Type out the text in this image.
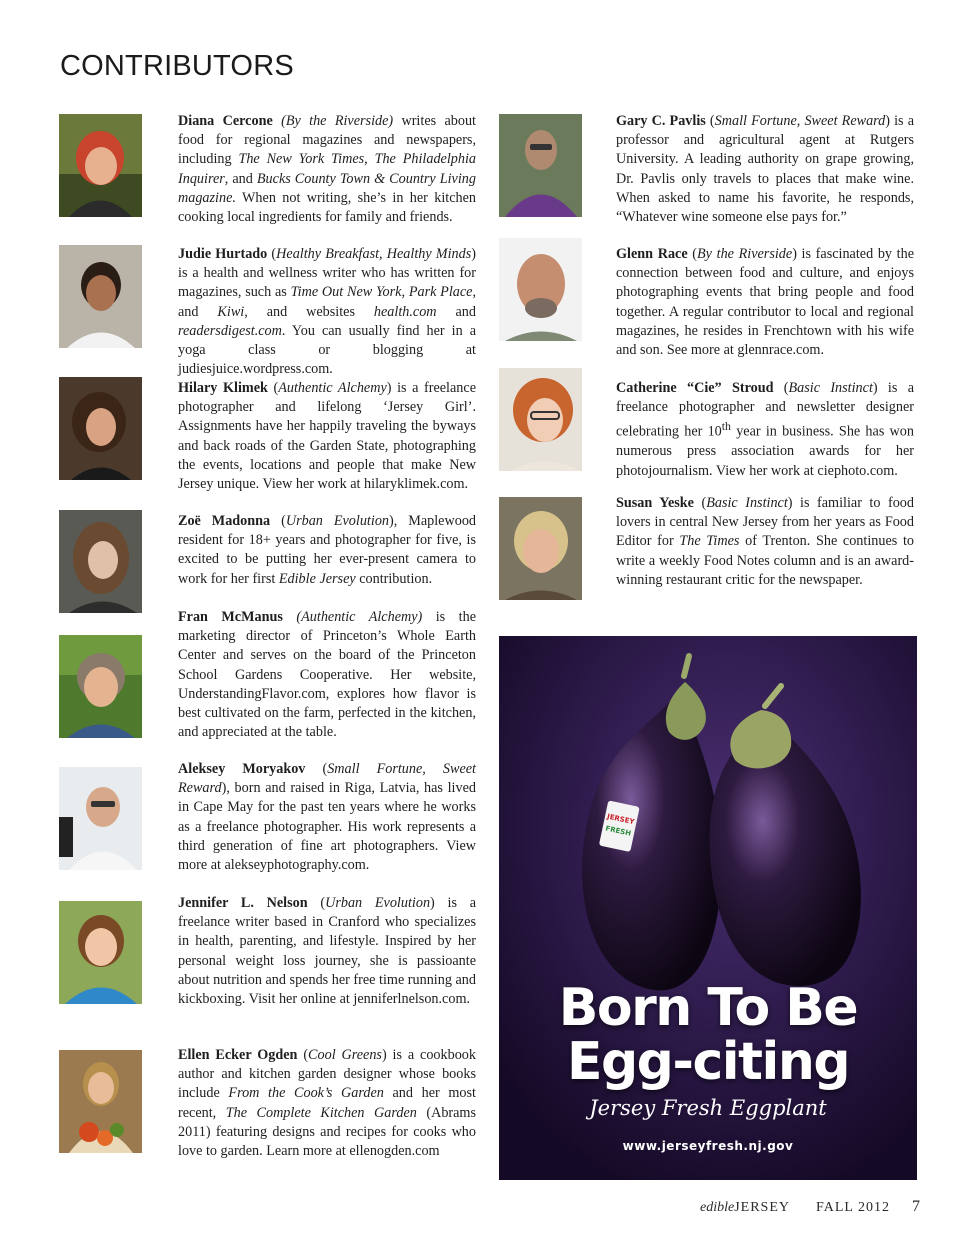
CONTRIBUTORS

Diana Cercone (By the Riverside) writes about food for regional magazines and newspapers, including The New York Times, The Philadelphia Inquirer, and Bucks County Town & Country Living magazine. When not writing, she’s in her kitchen cooking local ingredients for family and friends.

Judie Hurtado (Healthy Breakfast, Healthy Minds) is a health and wellness writer who has written for magazines, such as Time Out New York, Park Place, and Kiwi, and websites health.com and readersdigest.com. You can usually find her in a yoga class or blogging at judiesjuice.wordpress.com.

Hilary Klimek (Authentic Alchemy) is a freelance photographer and lifelong ‘Jersey Girl’. Assignments have her happily traveling the byways and back roads of the Garden State, photographing the events, locations and people that make New Jersey unique. View her work at hilaryklimek.com.

Zoë Madonna (Urban Evolution), Maplewood resident for 18+ years and photographer for five, is excited to be putting her ever-present camera to work for her first Edible Jersey contribution.

Fran McManus (Authentic Alchemy) is the marketing director of Princeton’s Whole Earth Center and serves on the board of the Princeton School Gardens Cooperative. Her website, UnderstandingFlavor.com, explores how flavor is best cultivated on the farm, perfected in the kitchen, and appreciated at the table.

Aleksey Moryakov (Small Fortune, Sweet Reward), born and raised in Riga, Latvia, has lived in Cape May for the past ten years where he works as a freelance photographer. His work represents a third generation of fine art photographers. View more at alekseyphotography.com.

Jennifer L. Nelson (Urban Evolution) is a freelance writer based in Cranford who specializes in health, parenting, and lifestyle. Inspired by her personal weight loss journey, she is passioante about nutrition and spends her free time running and kickboxing. Visit her online at jenniferlnelson.com.

Ellen Ecker Ogden (Cool Greens) is a cookbook author and kitchen garden designer whose books include From the Cook’s Garden and her most recent, The Complete Kitchen Garden (Abrams 2011) featuring designs and recipes for cooks who love to garden. Learn more at ellenogden.com

Gary C. Pavlis (Small Fortune, Sweet Reward) is a professor and agricultural agent at Rutgers University. A leading authority on grape growing, Dr. Pavlis only travels to places that make wine. When asked to name his favorite, he responds, “Whatever wine someone else pays for.”

Glenn Race (By the Riverside) is fascinated by the connection between food and culture, and enjoys photographing events that bring people and food together. A regular contributor to local and regional magazines, he resides in Frenchtown with his wife and son. See more at glennrace.com.

Catherine “Cie” Stroud (Basic Instinct) is a freelance photographer and newsletter designer celebrating her 10th year in business. She has won numerous press association awards for her photojournalism. View her work at ciephoto.com.

Susan Yeske (Basic Instinct) is familiar to food lovers in central New Jersey from her years as Food Editor for The Times of Trenton. She continues to write a weekly Food Notes column and is an award-winning restaurant critic for the newspaper.

JERSEY
FRESH
Born To Be
Egg-citing
Jersey Fresh Eggplant
www.jerseyfresh.nj.gov
edibleJERSEY FALL 2012 7
